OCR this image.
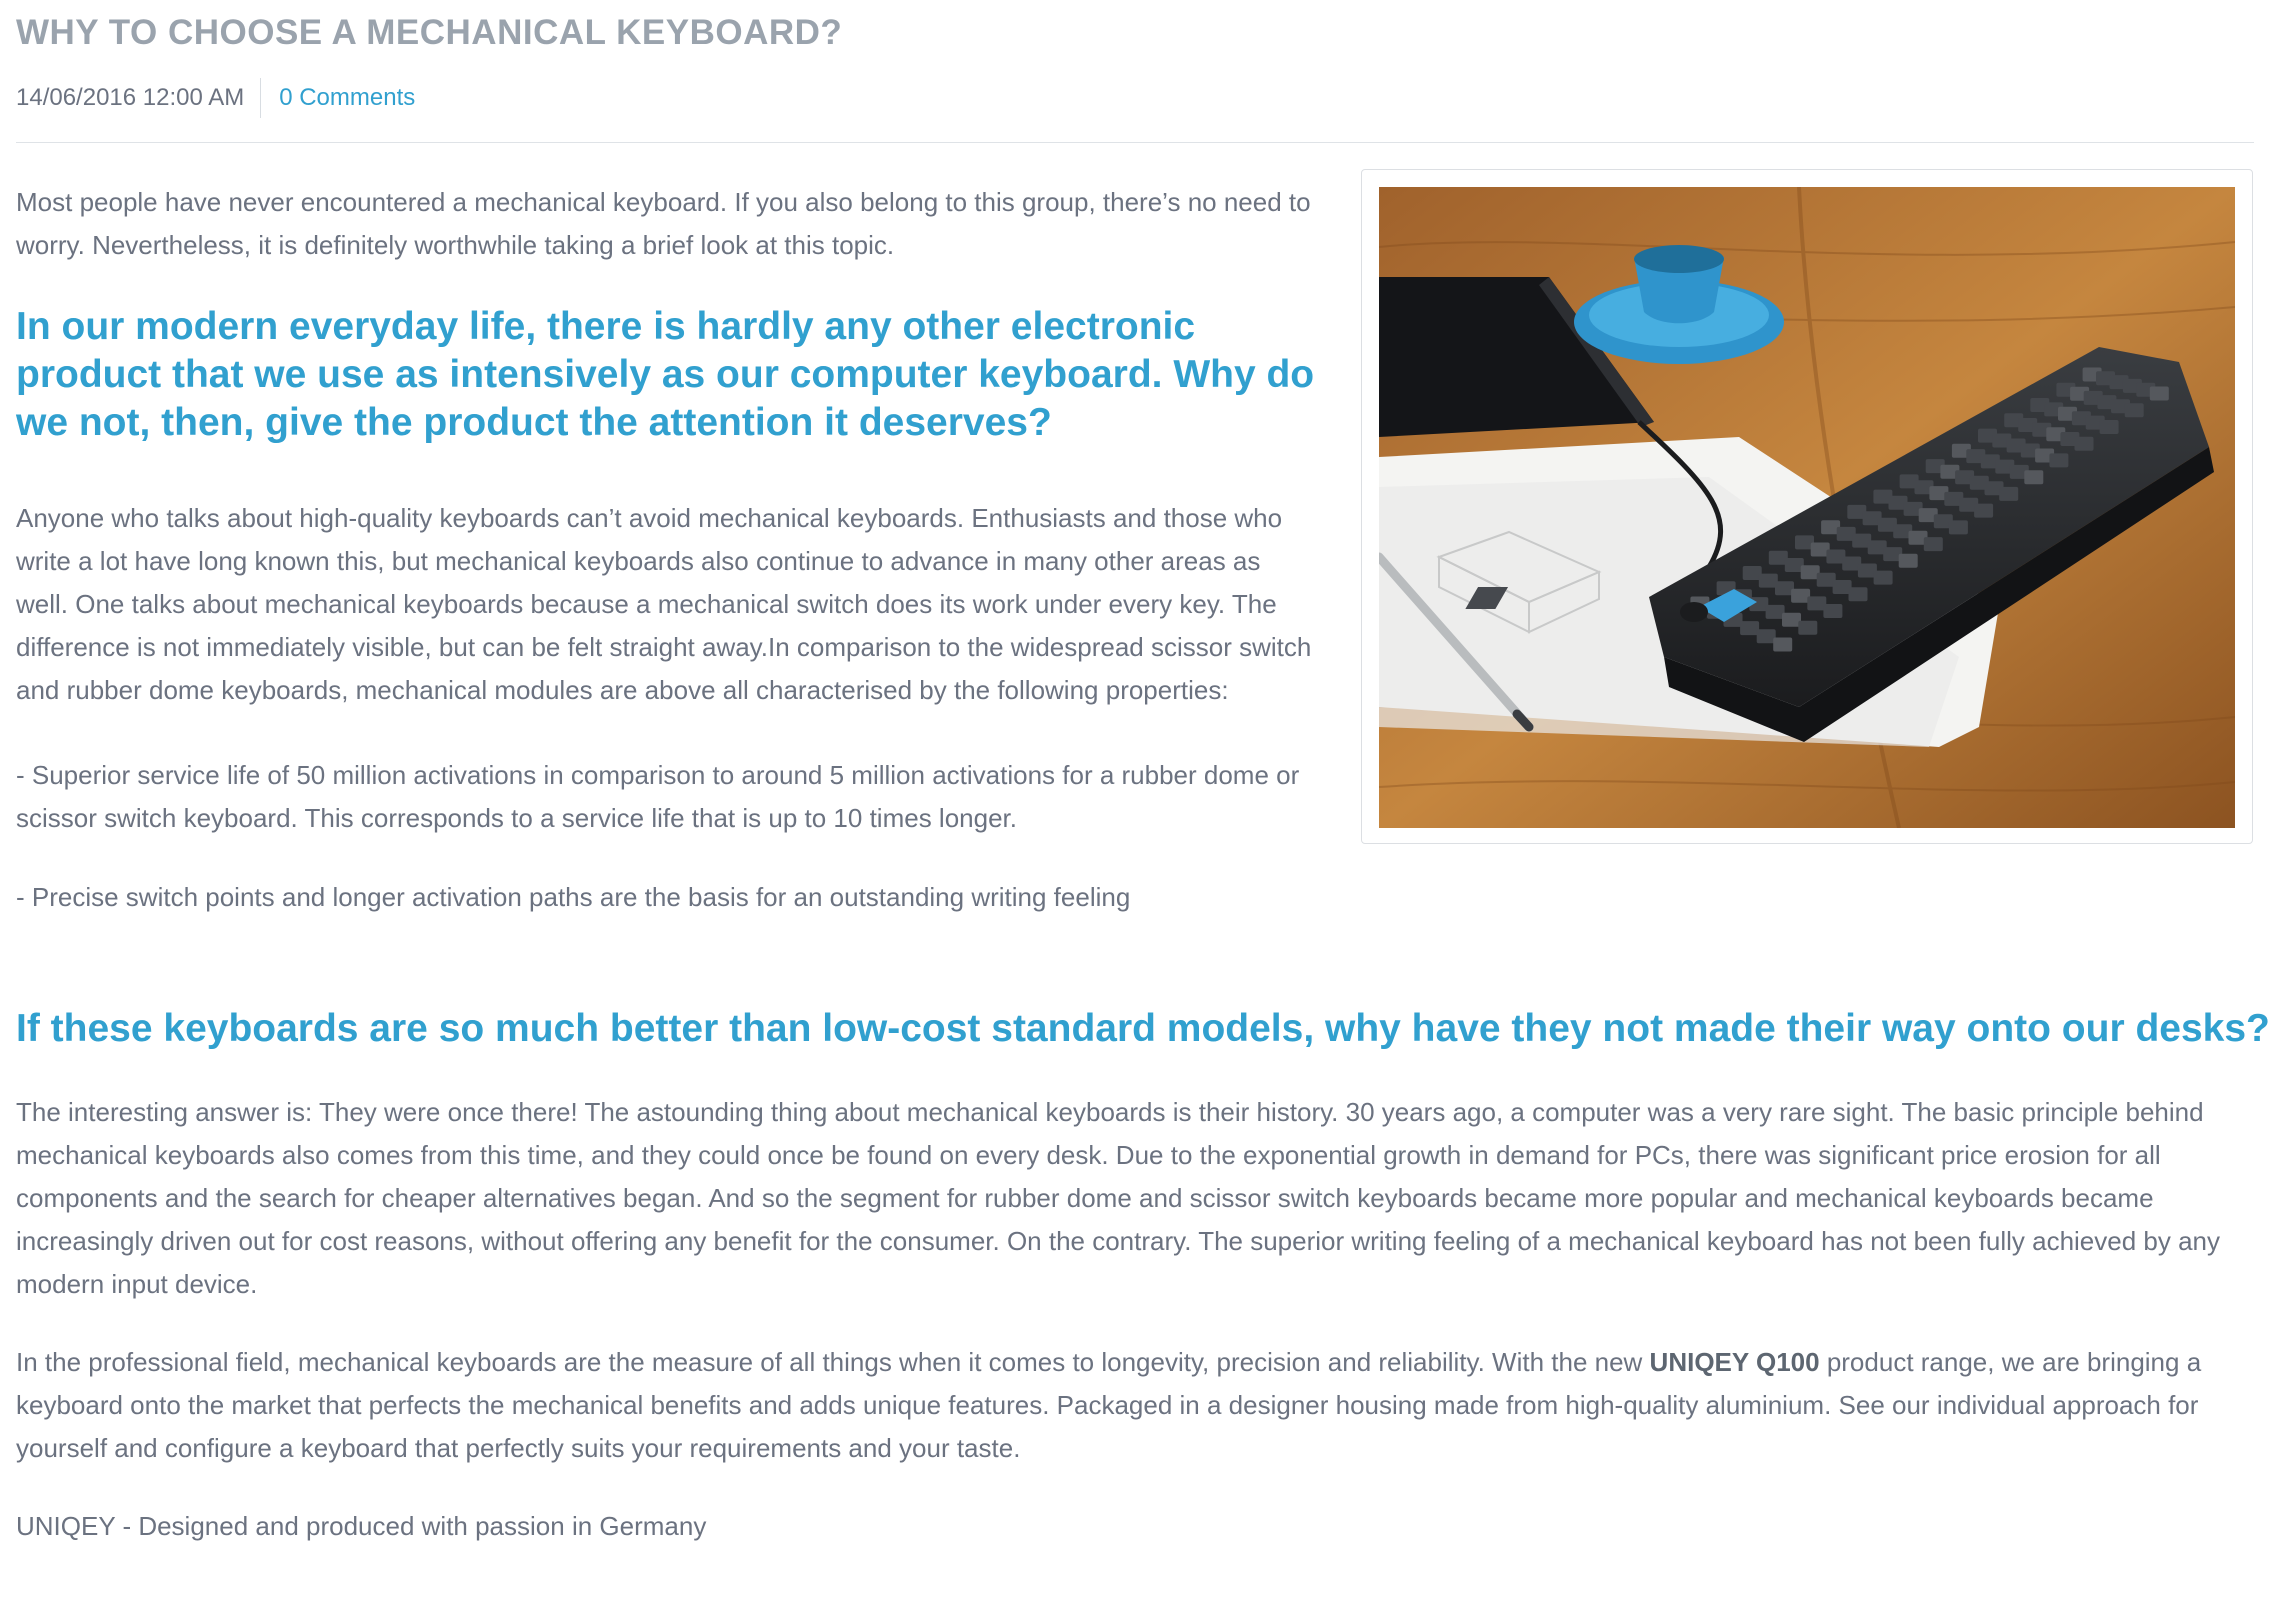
WHY TO CHOOSE A MECHANICAL KEYBOARD?
14/06/2016 12:00 AM	0 Comments

Most people have never encountered a mechanical keyboard. If you also belong to this group, there’s no need to worry. Nevertheless, it is definitely worthwhile taking a brief look at this topic.

In our modern everyday life, there is hardly any other electronic product that we use as intensively as our computer keyboard. Why do we not, then, give the product the attention it deserves?

Anyone who talks about high-quality keyboards can’t avoid mechanical keyboards. Enthusiasts and those who write a lot have long known this, but mechanical keyboards also continue to advance in many other areas as well. One talks about mechanical keyboards because a mechanical switch does its work under every key. The difference is not immediately visible, but can be felt straight away.In comparison to the widespread scissor switch and rubber dome keyboards, mechanical modules are above all characterised by the following properties:

- Superior service life of 50 million activations in comparison to around 5 million activations for a rubber dome or scissor switch keyboard. This corresponds to a service life that is up to 10 times longer.

- Precise switch points and longer activation paths are the basis for an outstanding writing feeling

If these keyboards are so much better than low-cost standard models, why have they not made their way onto our desks?

The interesting answer is: They were once there! The astounding thing about mechanical keyboards is their history. 30 years ago, a computer was a very rare sight. The basic principle behind mechanical keyboards also comes from this time, and they could once be found on every desk. Due to the exponential growth in demand for PCs, there was significant price erosion for all components and the search for cheaper alternatives began. And so the segment for rubber dome and scissor switch keyboards became more popular and mechanical keyboards became increasingly driven out for cost reasons, without offering any benefit for the consumer. On the contrary. The superior writing feeling of a mechanical keyboard has not been fully achieved by any modern input device.

In the professional field, mechanical keyboards are the measure of all things when it comes to longevity, precision and reliability. With the new UNIQEY Q100 product range, we are bringing a keyboard onto the market that perfects the mechanical benefits and adds unique features. Packaged in a designer housing made from high-quality aluminium. See our individual approach for yourself and configure a keyboard that perfectly suits your requirements and your taste.

UNIQEY - Designed and produced with passion in Germany
